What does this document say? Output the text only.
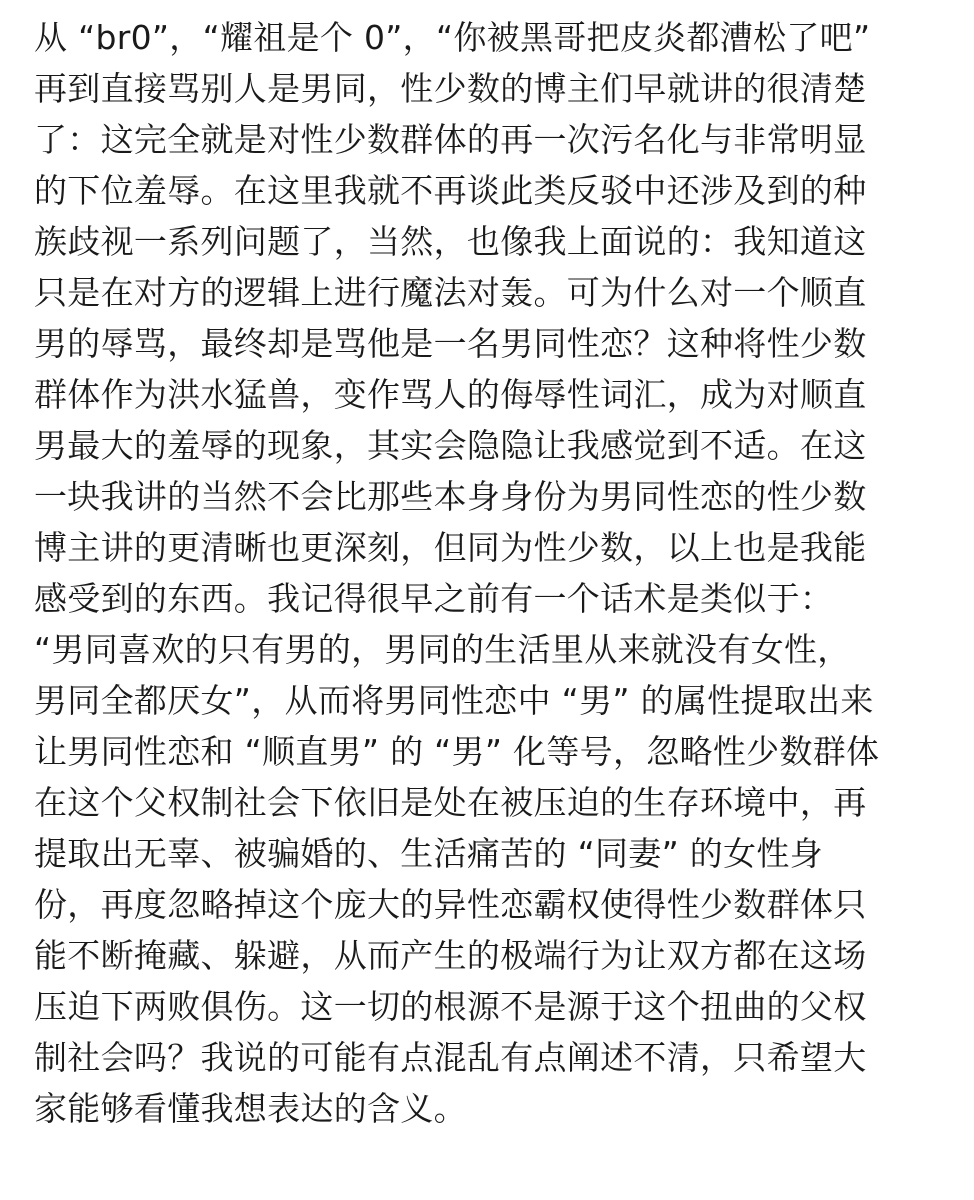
从 “br0”，“耀祖是个 0”，“你被黑哥把皮炎都漕松了吧”
再到直接骂别人是男同，性少数的博主们早就讲的很清楚
了：这完全就是对性少数群体的再一次污名化与非常明显
的下位羞辱。在这里我就不再谈此类反驳中还涉及到的种
族歧视一系列问题了，当然，也像我上面说的：我知道这
只是在对方的逻辑上进行魔法对轰。可为什么对一个顺直
男的辱骂，最终却是骂他是一名男同性恋？这种将性少数
群体作为洪水猛兽，变作骂人的侮辱性词汇，成为对顺直
男最大的羞辱的现象，其实会隐隐让我感觉到不适。在这
一块我讲的当然不会比那些本身身份为男同性恋的性少数
博主讲的更清晰也更深刻，但同为性少数，以上也是我能
感受到的东西。我记得很早之前有一个话术是类似于：
“男同喜欢的只有男的，男同的生活里从来就没有女性，
男同全都厌女”，从而将男同性恋中 “男” 的属性提取出来
让男同性恋和 “顺直男” 的 “男” 化等号，忽略性少数群体
在这个父权制社会下依旧是处在被压迫的生存环境中，再
提取出无辜、被骗婚的、生活痛苦的 “同妻” 的女性身
份，再度忽略掉这个庞大的异性恋霸权使得性少数群体只
能不断掩藏、躲避，从而产生的极端行为让双方都在这场
压迫下两败俱伤。这一切的根源不是源于这个扭曲的父权
制社会吗？我说的可能有点混乱有点阐述不清，只希望大
家能够看懂我想表达的含义。
